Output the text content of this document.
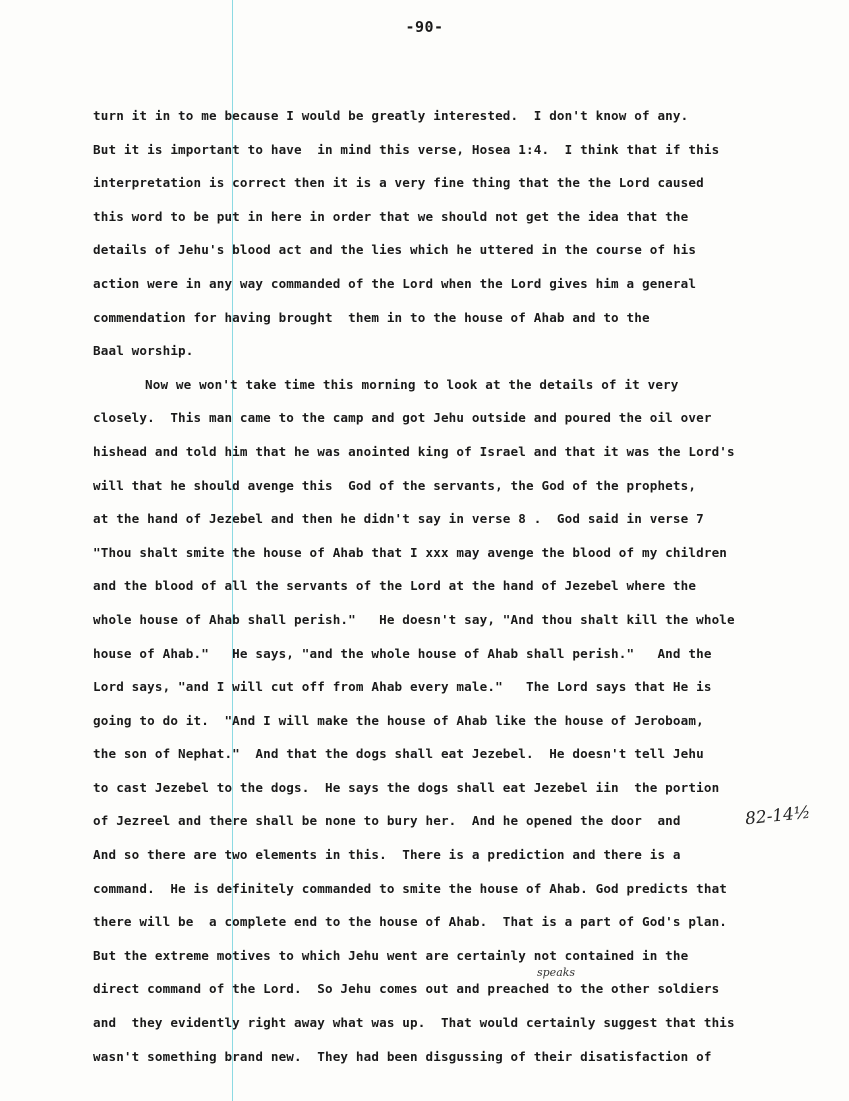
-90-
turn it in to me because I would be greatly interested.  I don't know of any.
But it is important to have  in mind this verse, Hosea 1:4.  I think that if this
interpretation is correct then it is a very fine thing that the the Lord caused
this word to be put in here in order that we should not get the idea that the
details of Jehu's blood act and the lies which he uttered in the course of his
action were in any way commanded of the Lord when the Lord gives him a general
commendation for having brought  them in to the house of Ahab and to the
Baal worship.
Now we won't take time this morning to look at the details of it very
closely.  This man came to the camp and got Jehu outside and poured the oil over
hishead and told him that he was anointed king of Israel and that it was the Lord's
will that he should avenge this  God of the servants, the God of the prophets,
at the hand of Jezebel and then he didn't say in verse 8 .  God said in verse 7
"Thou shalt smite the house of Ahab that I xxx may avenge the blood of my children
and the blood of all the servants of the Lord at the hand of Jezebel where the
whole house of Ahab shall perish."   He doesn't say, "And thou shalt kill the whole
house of Ahab."   He says, "and the whole house of Ahab shall perish."   And the
Lord says, "and I will cut off from Ahab every male."   The Lord says that He is
going to do it.  "And I will make the house of Ahab like the house of Jeroboam,
the son of Nephat."  And that the dogs shall eat Jezebel.  He doesn't tell Jehu
to cast Jezebel to the dogs.  He says the dogs shall eat Jezebel iin  the portion
of Jezreel and there shall be none to bury her.  And he opened the door  and
And so there are two elements in this.  There is a prediction and there is a
command.  He is definitely commanded to smite the house of Ahab. God predicts that
there will be  a complete end to the house of Ahab.  That is a part of God's plan.
But the extreme motives to which Jehu went are certainly not contained in the
direct command of the Lord.  So Jehu comes out and preached to the other soldiers
and  they evidently right away what was up.  That would certainly suggest that this
wasn't something brand new.  They had been disgussing of their disatisfaction of
82-14½
speaks
